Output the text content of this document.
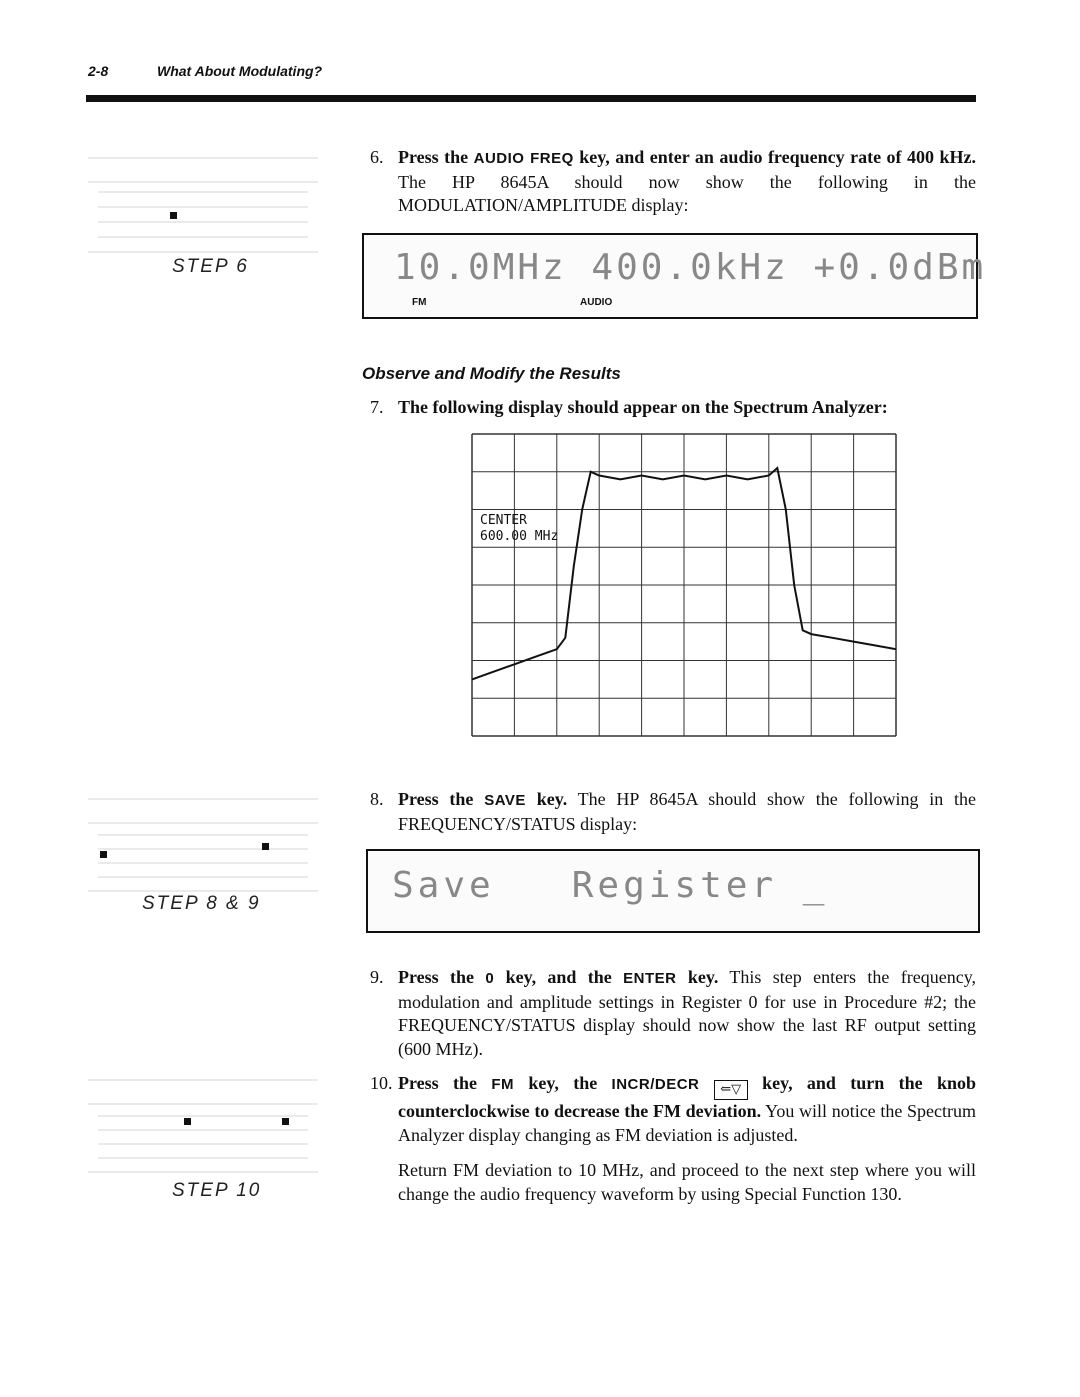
2-8	What About Modulating?
STEP 6
6. Press the AUDIO FREQ key, and enter an audio frequency rate of 400 kHz. The HP 8645A should now show the following in the MODULATION/AMPLITUDE display:
10.0MHz 400.0kHz +0.0dBm
FM	AUDIO
Observe and Modify the Results
7. The following display should appear on the Spectrum Analyzer:
CENTER
600.00 MHz
STEP 8 & 9
8. Press the SAVE key. The HP 8645A should show the following in the FREQUENCY/STATUS display:
Save   Register _
9. Press the 0 key, and the ENTER key. This step enters the frequency, modulation and amplitude settings in Register 0 for use in Procedure #2; the FREQUENCY/STATUS display should now show the last RF output setting (600 MHz).
STEP 10
10. Press the FM key, the INCR/DECR ⇐▽ key, and turn the knob counterclockwise to decrease the FM deviation. You will notice the Spectrum Analyzer display changing as FM deviation is adjusted.
Return FM deviation to 10 MHz, and proceed to the next step where you will change the audio frequency waveform by using Special Function 130.
